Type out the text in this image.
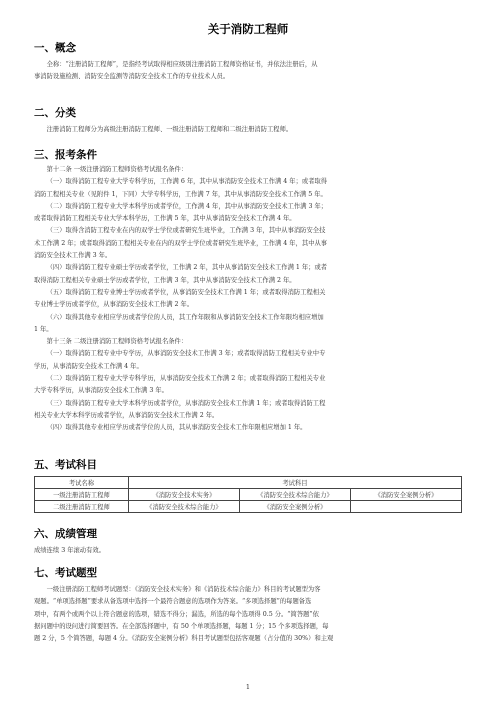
关于消防工程师
一、概念
全称：“注册消防工程师”，是指经考试取得相应级别注册消防工程师资格证书，并依法注册后，从
事消防设施检测、消防安全监测等消防安全技术工作的专业技术人员。
二、分类
注册消防工程师分为高级注册消防工程师、一级注册消防工程师和二级注册消防工程师。
三、报考条件
第十二条 一级注册消防工程师资格考试报名条件：
（一）取得消防工程专业大学专科学历，工作满 6 年，其中从事消防安全技术工作满 4 年；或者取得
消防工程相关专业（见附件 1，下同）大学专科学历，工作满 7 年，其中从事消防安全技术工作满 5 年。
（二）取得消防工程专业大学本科学历或者学位，工作满 4 年，其中从事消防安全技术工作满 3 年；
或者取得消防工程相关专业大学本科学历，工作满 5 年，其中从事消防安全技术工作满 4 年。
（三）取得含消防工程专业在内的双学士学位或者研究生班毕业，工作满 3 年，其中从事消防安全技
术工作满 2 年；或者取得消防工程相关专业在内的双学士学位或者研究生班毕业，工作满 4 年，其中从事
消防安全技术工作满 3 年。
（四）取得消防工程专业硕士学历或者学位，工作满 2 年，其中从事消防安全技术工作满 1 年；或者
取得消防工程相关专业硕士学历或者学位，工作满 3 年，其中从事消防安全技术工作满 2 年。
（五）取得消防工程专业博士学历或者学位，从事消防安全技术工作满 1 年；或者取得消防工程相关
专业博士学历或者学位，从事消防安全技术工作满 2 年。
（六）取得其他专业相应学历或者学位的人员，其工作年限和从事消防安全技术工作年限均相应增加
1 年。
第十三条 二级注册消防工程师资格考试报名条件：
（一）取得消防工程专业中专学历，从事消防安全技术工作满 3 年；或者取得消防工程相关专业中专
学历，从事消防安全技术工作满 4 年。
（二）取得消防工程专业大学专科学历，从事消防安全技术工作满 2 年；或者取得消防工程相关专业
大学专科学历，从事消防安全技术工作满 3 年。
（三）取得消防工程专业大学本科学历或者学位，从事消防安全技术工作满 1 年；或者取得消防工程
相关专业大学本科学历或者学位，从事消防安全技术工作满 2 年。
（四）取得其他专业相应学历或者学位的人员，其从事消防安全技术工作年限相应增加 1 年。
五、考试科目
考试名称	考试科目		
一级注册消防工程师	《消防安全技术实务》	《消防安全技术综合能力》	《消防安全案例分析》
二级注册消防工程师	《消防安全技术综合能力》	《消防安全案例分析》	
六、成绩管理
成绩连续 3 年滚动有效。
七、考试题型
一级注册消防工程师考试题型：《消防安全技术实务》和《消防技术综合能力》科目的考试题型为客
观题。“单项选择题”要求从备选项中选择一个最符合题意的选项作为答案。“多项选择题”的每题备选
项中，有两个或两个以上符合题意的选项，错选不得分；漏选，所选的每个选项得 0.5 分。“简答题”依
据问题中的设问进行简要回答。在全部选择题中，有 50 个单项选择题，每题 1 分；15 个多项选择题，每
题 2 分，5 个简答题，每题 4 分。《消防安全案例分析》科目考试题型包括客观题（占分值的 30%）和主观
1
